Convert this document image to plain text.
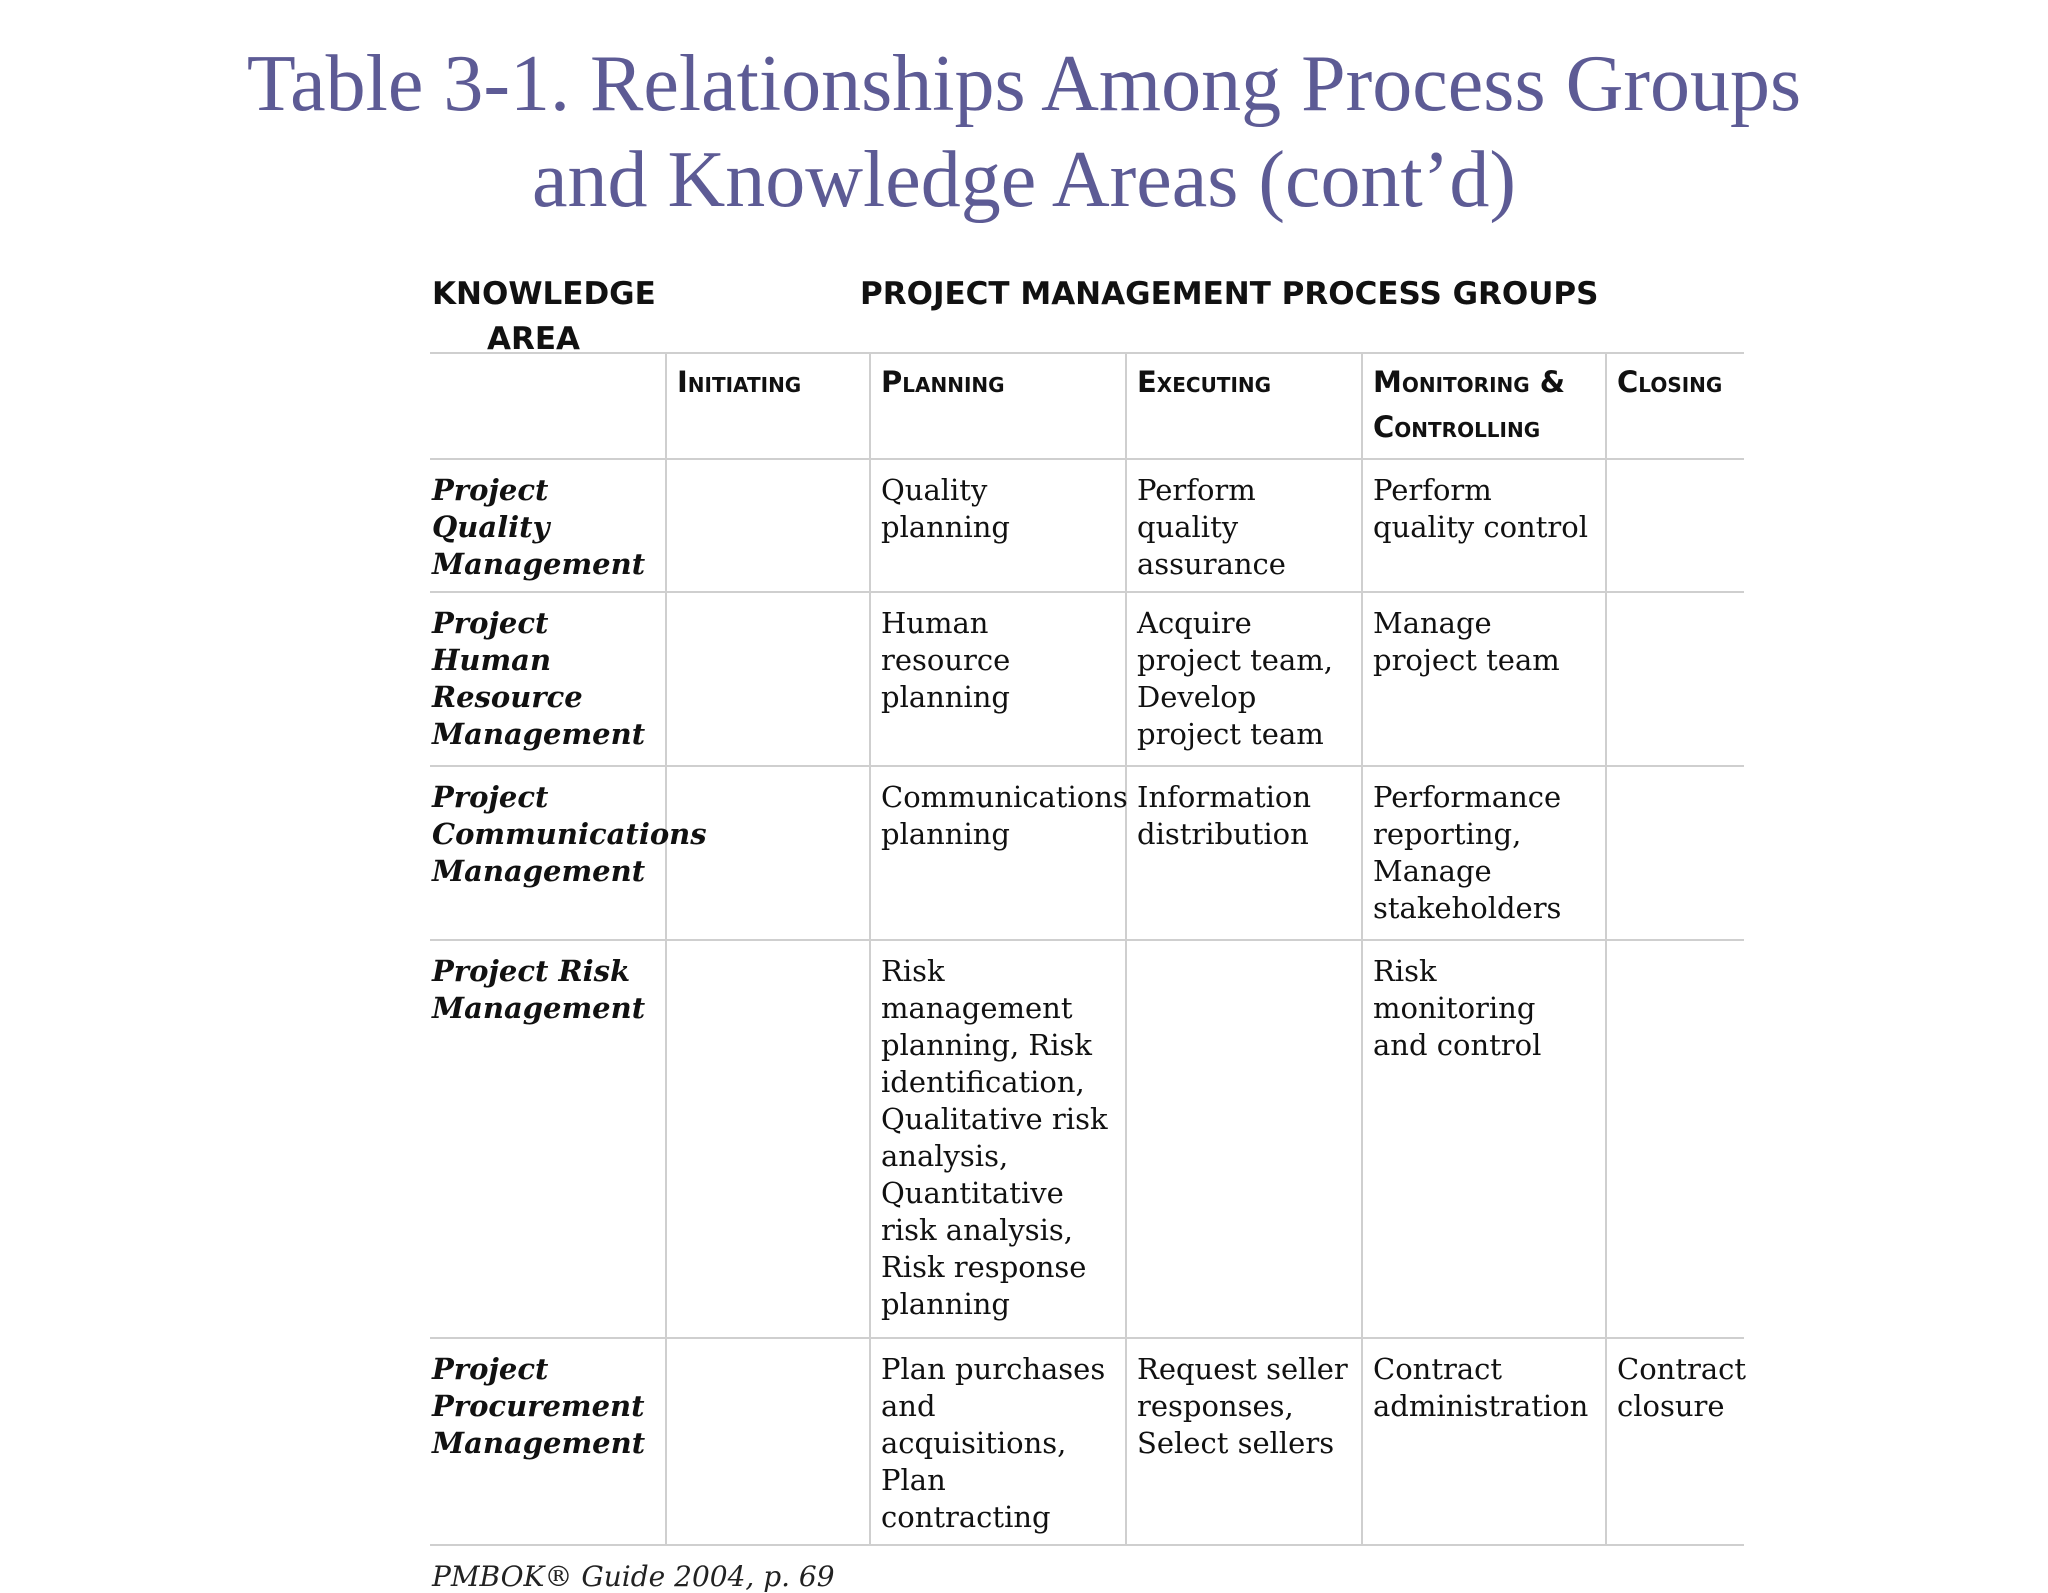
Table 3-1. Relationships Among Process Groups
and Knowledge Areas (cont’d)
KNOWLEDGE
AREA
PROJECT MANAGEMENT PROCESS GROUPS
	Initiating	Planning	Executing	Monitoring & Controlling	Closing
Project Quality Management		Quality planning	Perform quality assurance	Perform quality control	
Project Human Resource Management		Human resource planning	Acquire project team, Develop project team	Manage project team	
Project Communications Management		Communications planning	Information distribution	Performance reporting, Manage stakeholders	
Project Risk Management		Risk management planning, Risk identification, Qualitative risk analysis, Quantitative risk analysis, Risk response planning		Risk monitoring and control	
Project Procurement Management		Plan purchases and acquisitions, Plan contracting	Request seller responses, Select sellers	Contract administration	Contract closure
PMBOK® Guide 2004, p. 69
